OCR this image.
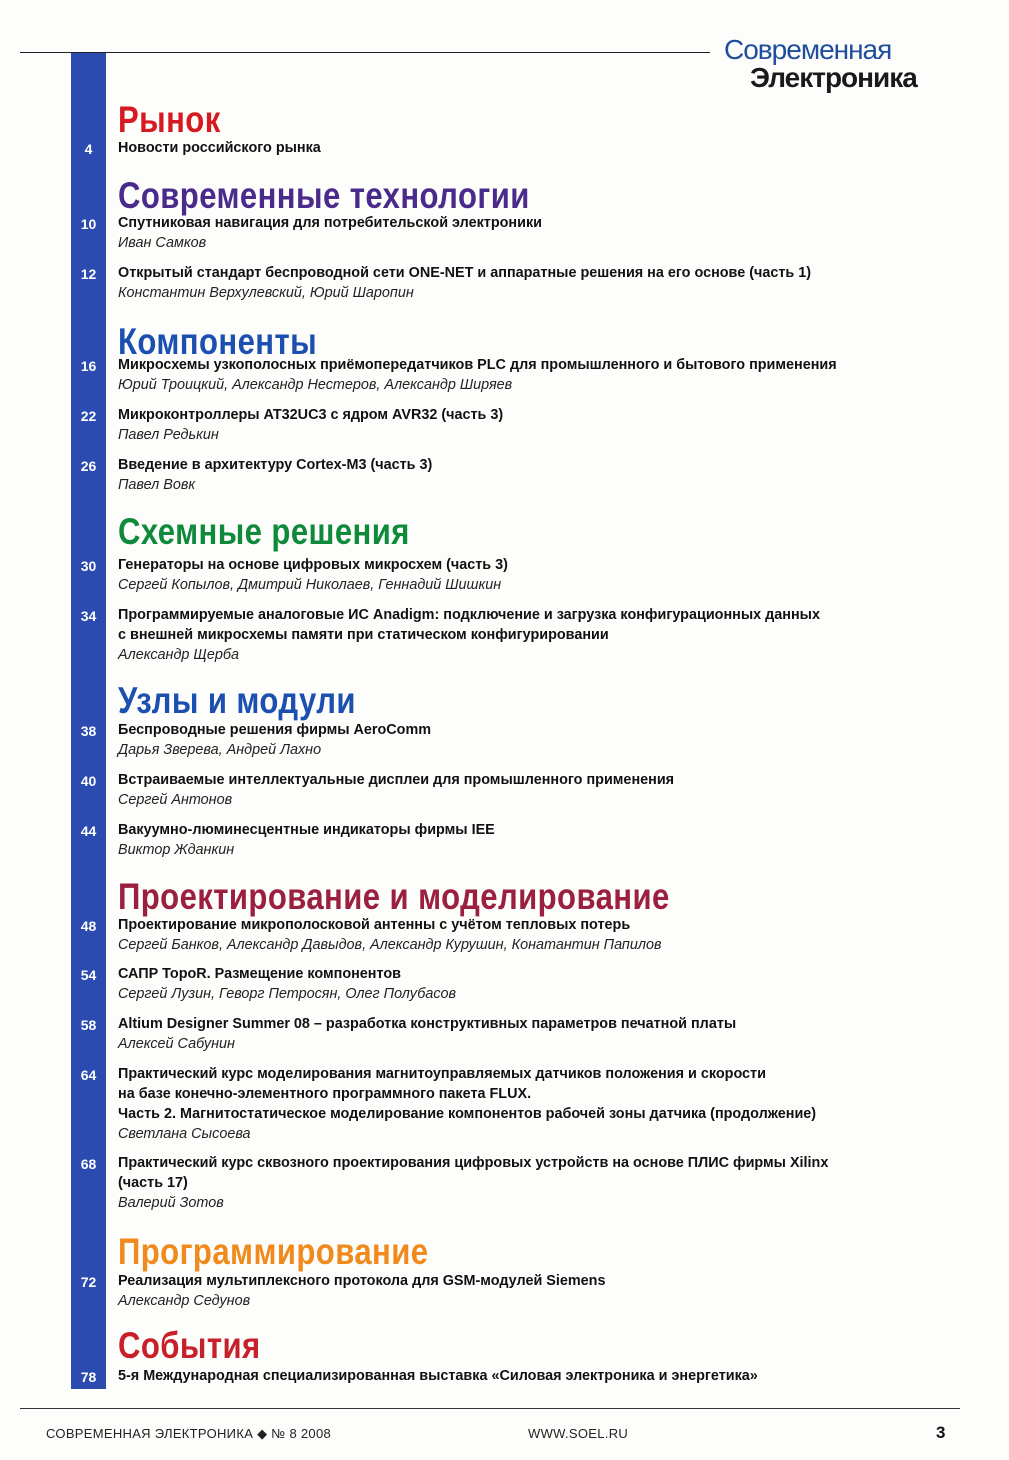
Современная
Электроника
Рынок
4	Новости российского рынка
Современные технологии
10	Спутниковая навигация для потребительской электроники
Иван Самков
12	Открытый стандарт беспроводной сети ONE-NET и аппаратные решения на его основе (часть 1)
Константин Верхулевский, Юрий Шаропин
Компоненты
16	Микросхемы узкополосных приёмопередатчиков PLC для промышленного и бытового применения
Юрий Троицкий, Александр Нестеров, Александр Ширяев
22	Микроконтроллеры AT32UC3 с ядром AVR32 (часть 3)
Павел Редькин
26	Введение в архитектуру Cortex-M3 (часть 3)
Павел Вовк
Схемные решения
30	Генераторы на основе цифровых микросхем (часть 3)
Сергей Копылов, Дмитрий Николаев, Геннадий Шишкин
34	Программируемые аналоговые ИС Anadigm: подключение и загрузка конфигурационных данных
с внешней микросхемы памяти при статическом конфигурировании
Александр Щерба
Узлы и модули
38	Беспроводные решения фирмы AeroComm
Дарья Зверева, Андрей Лахно
40	Встраиваемые интеллектуальные дисплеи для промышленного применения
Сергей Антонов
44	Вакуумно-люминесцентные индикаторы фирмы IEE
Виктор Жданкин
Проектирование и моделирование
48	Проектирование микрополосковой антенны с учётом тепловых потерь
Сергей Банков, Александр Давыдов, Александр Курушин, Конатантин Папилов
54	САПР TopoR. Размещение компонентов
Сергей Лузин, Геворг Петросян, Олег Полубасов
58	Altium Designer Summer 08 – разработка конструктивных параметров печатной платы
Алексей Сабунин
64	Практический курс моделирования магнитоуправляемых датчиков положения и скорости
на базе конечно-элементного программного пакета FLUX.
Часть 2. Магнитостатическое моделирование компонентов рабочей зоны датчика (продолжение)
Светлана Сысоева
68	Практический курс сквозного проектирования цифровых устройств на основе ПЛИС фирмы Xilinx
(часть 17)
Валерий Зотов
Программирование
72	Реализация мультиплексного протокола для GSM-модулей Siemens
Александр Седунов
События
78	5-я Международная специализированная выставка «Силовая электроника и энергетика»
СОВРЕМЕННАЯ ЭЛЕКТРОНИКА ◆ № 8 2008	WWW.SOEL.RU	3
